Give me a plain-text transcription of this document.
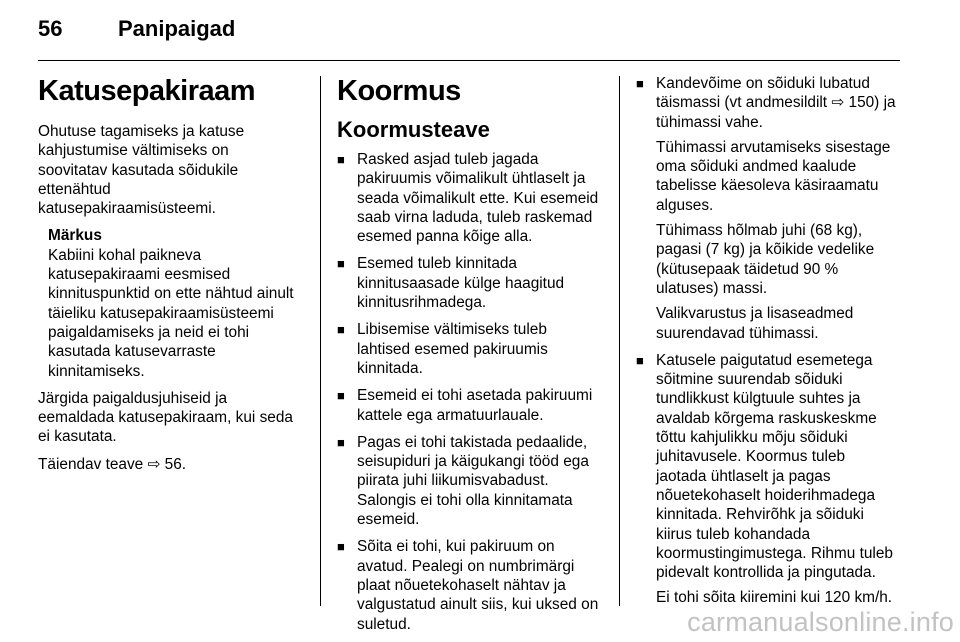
56	Panipaigad
Katusepakiraam

Ohutuse tagamiseks ja katuse
kahjustumise vältimiseks on
soovitatav kasutada sõidukile
ettenähtud
katusepakiraamisüsteemi.

Märkus
Kabiini kohal paikneva
katusepakiraami eesmised
kinnituspunktid on ette nähtud ainult
täieliku katusepakiraamisüsteemi
paigaldamiseks ja neid ei tohi
kasutada katusevarraste
kinnitamiseks.

Järgida paigaldusjuhiseid ja
eemaldada katusepakiraam, kui seda
ei kasutata.

Täiendav teave ⇨ 56.

Koormus
Koormusteave
■ Rasked asjad tuleb jagada
pakiruumis võimalikult ühtlaselt ja
seada võimalikult ette. Kui esemeid
saab virna laduda, tuleb raskemad
esemed panna kõige alla.
■ Esemed tuleb kinnitada
kinnitusaasade külge haagitud
kinnitusrihmadega.
■ Libisemise vältimiseks tuleb
lahtised esemed pakiruumis
kinnitada.
■ Esemeid ei tohi asetada pakiruumi
kattele ega armatuurlauale.
■ Pagas ei tohi takistada pedaalide,
seisupiduri ja käigukangi tööd ega
piirata juhi liikumisvabadust.
Salongis ei tohi olla kinnitamata
esemeid.
■ Sõita ei tohi, kui pakiruum on
avatud. Pealegi on numbrimärgi
plaat nõuetekohaselt nähtav ja
valgustatud ainult siis, kui uksed on
suletud.
■ Kandevõime on sõiduki lubatud
täismassi (vt andmesildilt ⇨ 150) ja
tühimassi vahe.

Tühimassi arvutamiseks sisestage
oma sõiduki andmed kaalude
tabelisse käesoleva käsiraamatu
alguses.

Tühimass hõlmab juhi (68 kg),
pagasi (7 kg) ja kõikide vedelike
(kütusepaak täidetud 90 %
ulatuses) massi.

Valikvarustus ja lisaseadmed
suurendavad tühimassi.

■ Katusele paigutatud esemetega
sõitmine suurendab sõiduki
tundlikkust külgtuule suhtes ja
avaldab kõrgema raskuskeskme
tõttu kahjulikku mõju sõiduki
juhitavusele. Koormus tuleb
jaotada ühtlaselt ja pagas
nõuetekohaselt hoiderihmadega
kinnitada. Rehvirõhk ja sõiduki
kiirus tuleb kohandada
koormustingimustega. Rihmu tuleb
pidevalt kontrollida ja pingutada.

Ei tohi sõita kiiremini kui 120 km/h.

carmanualsonline.info
